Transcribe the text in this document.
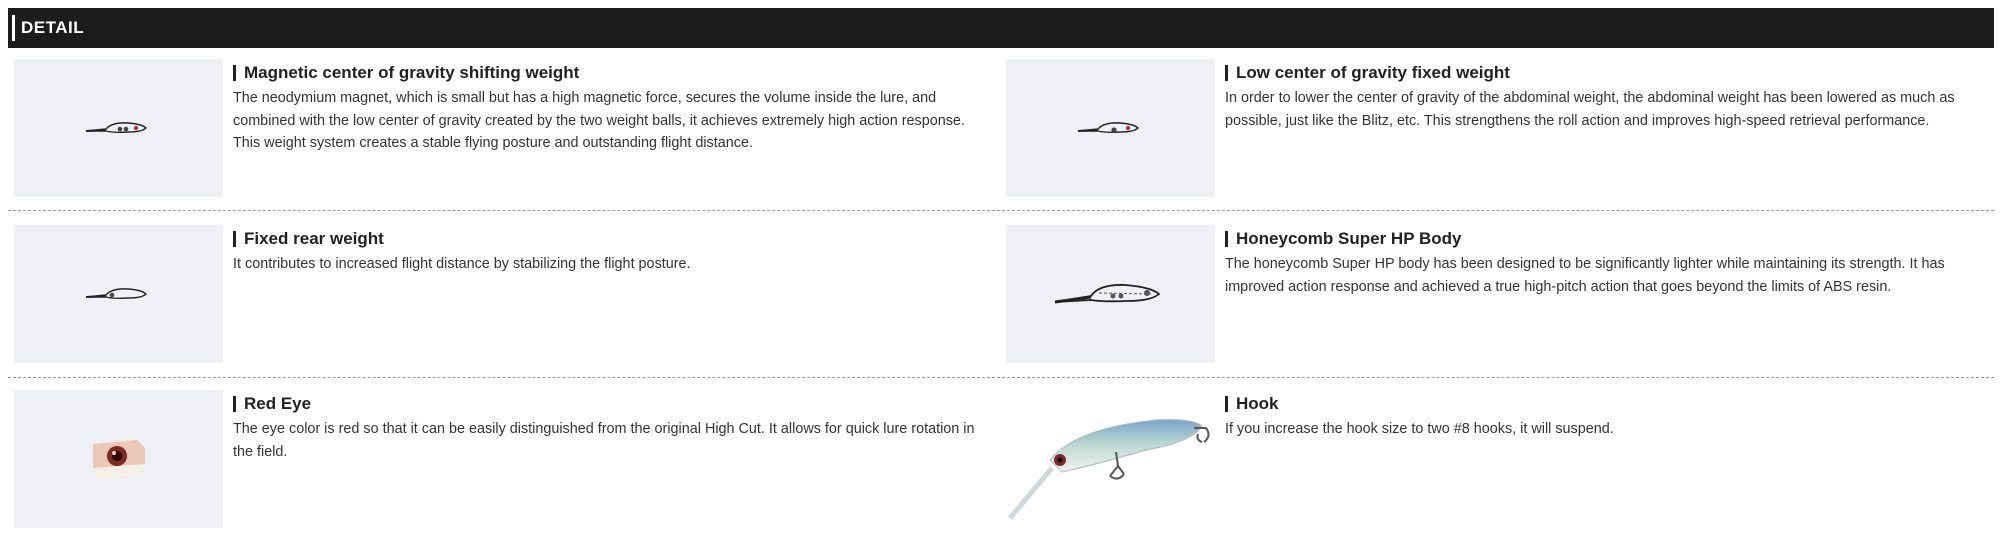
DETAIL
Magnetic center of gravity shifting weight
The neodymium magnet, which is small but has a high magnetic force, secures the volume inside the lure, and combined with the low center of gravity created by the two weight balls, it achieves extremely high action response. This weight system creates a stable flying posture and outstanding flight distance.
Low center of gravity fixed weight
In order to lower the center of gravity of the abdominal weight, the abdominal weight has been lowered as much as possible, just like the Blitz, etc. This strengthens the roll action and improves high-speed retrieval performance.
Fixed rear weight
It contributes to increased flight distance by stabilizing the flight posture.
Honeycomb Super HP Body
The honeycomb Super HP body has been designed to be significantly lighter while maintaining its strength. It has improved action response and achieved a true high-pitch action that goes beyond the limits of ABS resin.
Red Eye
The eye color is red so that it can be easily distinguished from the original High Cut. It allows for quick lure rotation in the field.
Hook
If you increase the hook size to two #8 hooks, it will suspend.
